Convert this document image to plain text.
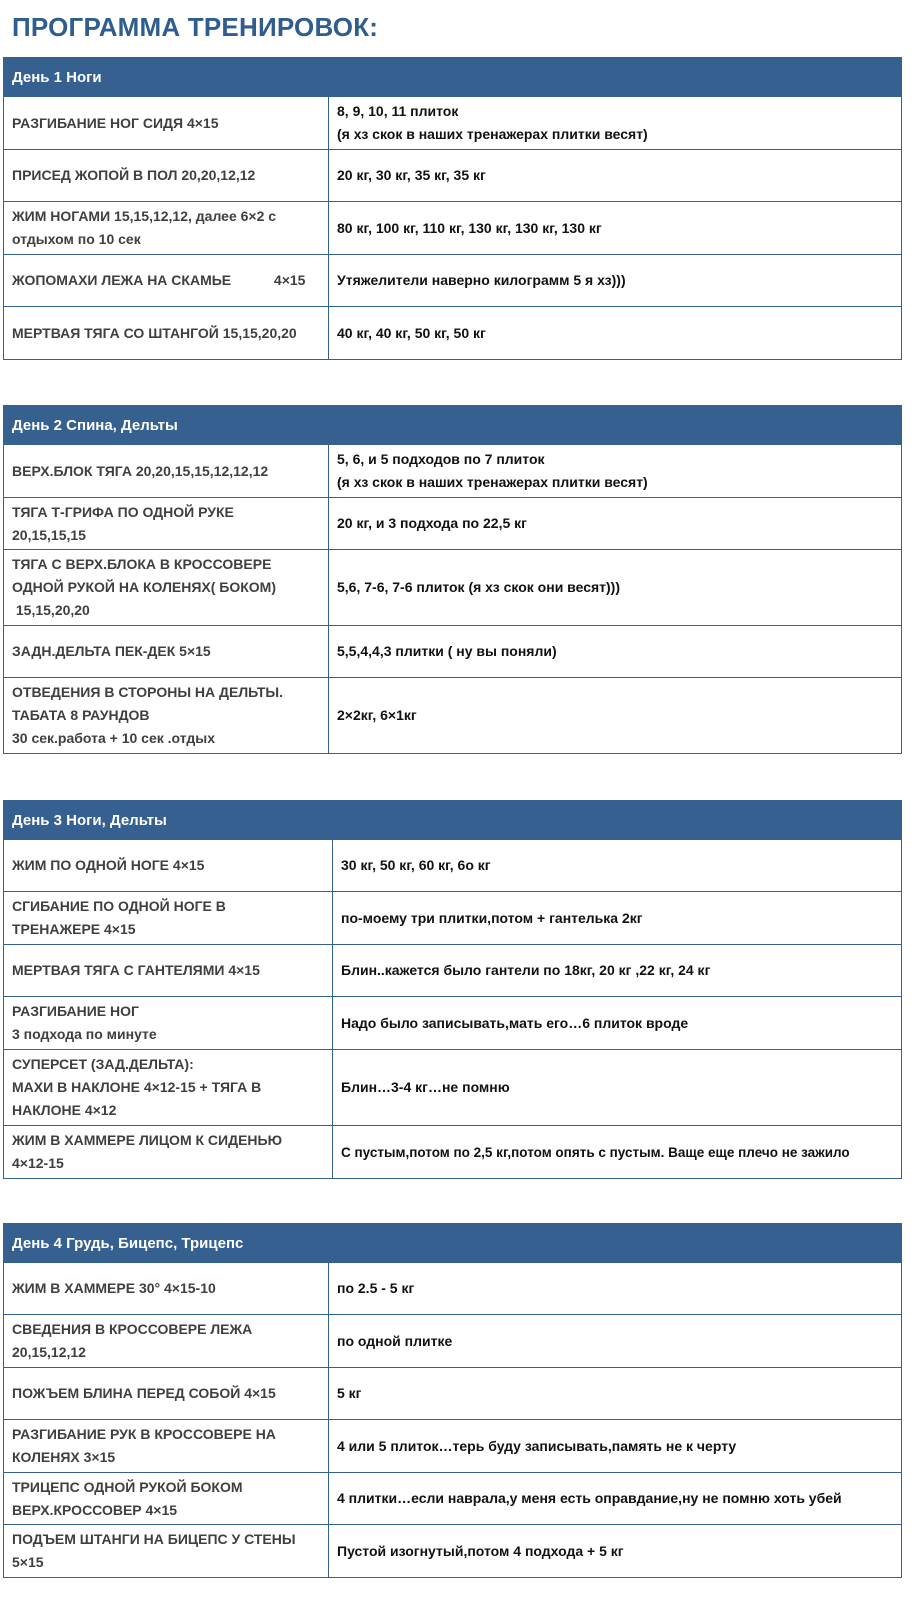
ПРОГРАММА ТРЕНИРОВОК:
День 1 Ноги	

РАЗГИБАНИЕ НОГ СИДЯ 4×15	8, 9, 10, 11 плиток
(я хз скок в наших тренажерах плитки весят)

ПРИСЕД ЖОПОЙ В ПОЛ 20,20,12,12	20 кг, 30 кг, 35 кг, 35 кг

ЖИМ НОГАМИ 15,15,12,12, далее 6×2 с
отдыхом по 10 сек	80 кг, 100 кг, 110 кг, 130 кг, 130 кг, 130 кг

ЖОПОМАХИ ЛЕЖА НА СКАМЬЕ           4×15	Утяжелители наверно килограмм 5 я хз)))

МЕРТВАЯ ТЯГА СО ШТАНГОЙ 15,15,20,20	40 кг, 40 кг, 50 кг, 50 кг
День 2 Спина, Дельты	

ВЕРХ.БЛОК ТЯГА 20,20,15,15,12,12,12	5, 6, и 5 подходов по 7 плиток
(я хз скок в наших тренажерах плитки весят)

ТЯГА Т-ГРИФА ПО ОДНОЙ РУКЕ
20,15,15,15	20 кг, и 3 подхода по 22,5 кг

ТЯГА С ВЕРХ.БЛОКА В КРОССОВЕРЕ
ОДНОЙ РУКОЙ НА КОЛЕНЯХ( БОКОМ)
15,15,20,20	5,6, 7-6, 7-6 плиток (я хз скок они весят)))

ЗАДН.ДЕЛЬТА ПЕК-ДЕК 5×15	5,5,4,4,3 плитки ( ну вы поняли)

ОТВЕДЕНИЯ В СТОРОНЫ НА ДЕЛЬТЫ.
ТАБАТА 8 РАУНДОВ
30 сек.работа + 10 сек .отдых	2×2кг, 6×1кг
День 3 Ноги, Дельты	

ЖИМ ПО ОДНОЙ НОГЕ 4×15	30 кг, 50 кг, 60 кг, 6о кг

СГИБАНИЕ ПО ОДНОЙ НОГЕ В
ТРЕНАЖЕРЕ 4×15	по-моему три плитки,потом + гантелька 2кг

МЕРТВАЯ ТЯГА С ГАНТЕЛЯМИ 4×15	Блин..кажется было гантели по 18кг, 20 кг ,22 кг, 24 кг

РАЗГИБАНИЕ НОГ
3 подхода по минуте	Надо было записывать,мать его…6 плиток вроде

СУПЕРСЕТ (ЗАД.ДЕЛЬТА):
МАХИ В НАКЛОНЕ 4×12-15 + ТЯГА В
НАКЛОНЕ 4×12	Блин…3-4 кг…не помню

ЖИМ В ХАММЕРЕ ЛИЦОМ К СИДЕНЬЮ
4×12-15	С пустым,потом по 2,5 кг,потом опять с пустым. Ваще еще плечо не зажило
День 4 Грудь, Бицепс, Трицепс	

ЖИМ В ХАММЕРЕ 30° 4×15-10	по 2.5 - 5 кг

СВЕДЕНИЯ В КРОССОВЕРЕ ЛЕЖА
20,15,12,12	по одной плитке

ПОЖЪЕМ БЛИНА ПЕРЕД СОБОЙ 4×15	5 кг

РАЗГИБАНИЕ РУК В КРОССОВЕРЕ НА
КОЛЕНЯХ 3×15	4 или 5 плиток…терь буду записывать,память не к черту

ТРИЦЕПС ОДНОЙ РУКОЙ БОКОМ
ВЕРХ.КРОССОВЕР 4×15	4 плитки…если наврала,у меня есть оправдание,ну не помню хоть убей

ПОДЪЕМ ШТАНГИ НА БИЦЕПС У СТЕНЫ
5×15	Пустой изогнутый,потом 4 подхода + 5 кг
